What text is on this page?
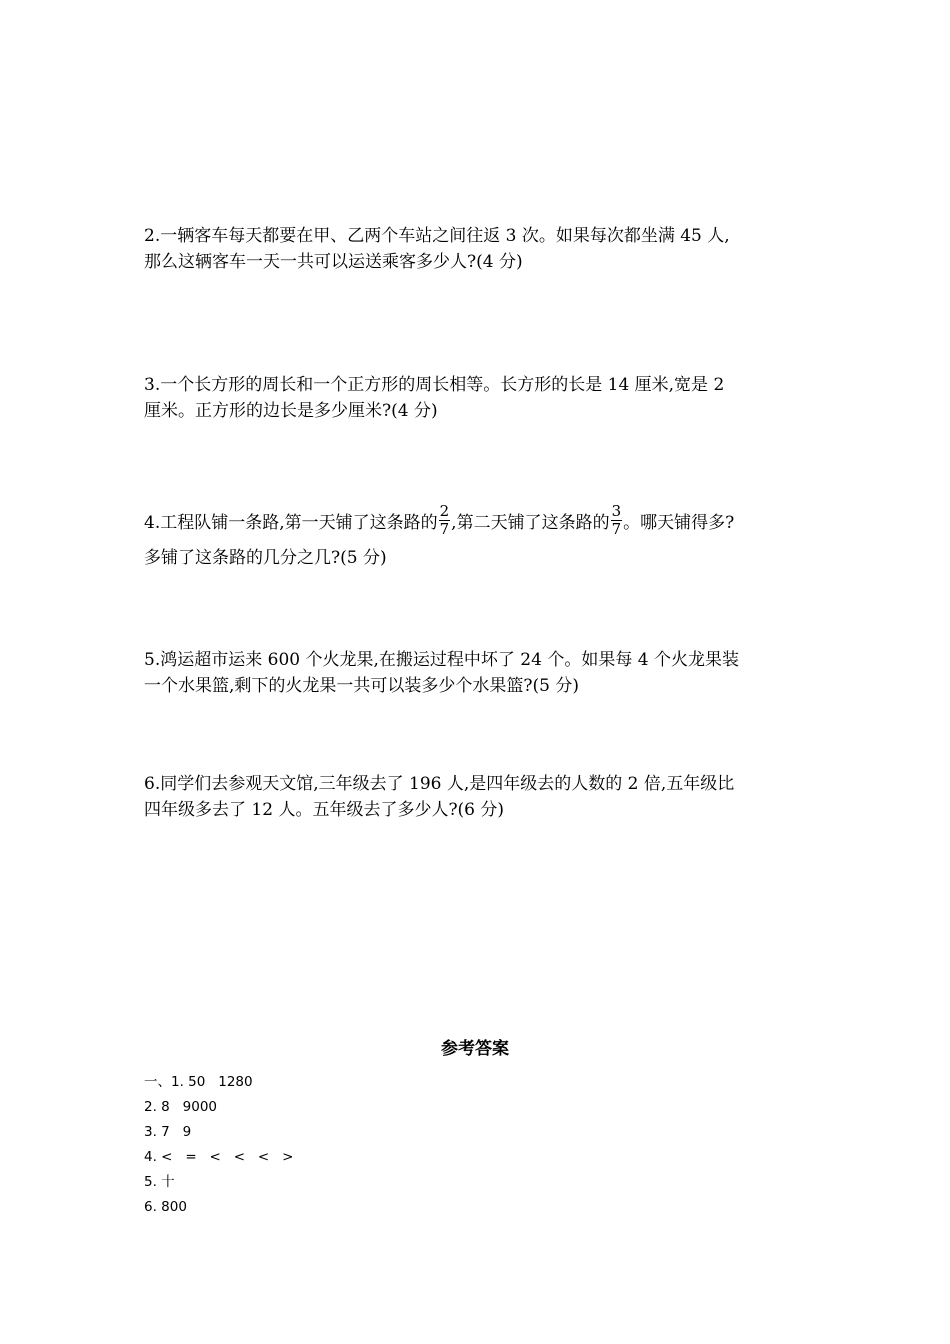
2.一辆客车每天都要在甲、乙两个车站之间往返 3 次。如果每次都坐满 45 人,
那么这辆客车一天一共可以运送乘客多少人?(4 分)
3.一个长方形的周长和一个正方形的周长相等。长方形的长是 14 厘米,宽是 2
厘米。正方形的边长是多少厘米?(4 分)
4.工程队铺一条路,第一天铺了这条路的 $\frac{2}{7}$ ,第二天铺了这条路的 $\frac{3}{7}$ 。哪天铺得多?
多铺了这条路的几分之几?(5 分)
5.鸿运超市运来 600 个火龙果,在搬运过程中坏了 24 个。如果每 4 个火龙果装
一个水果篮,剩下的火龙果一共可以装多少个水果篮?(5 分)
6.同学们去参观天文馆,三年级去了 196 人,是四年级去的人数的 2 倍,五年级比
四年级多去了 12 人。五年级去了多少人?(6 分)
参考答案
一、1. 50   1280
2. 8   9000
3. 7   9
4. <   =   <   <   <   >
5. 十
6. 800
